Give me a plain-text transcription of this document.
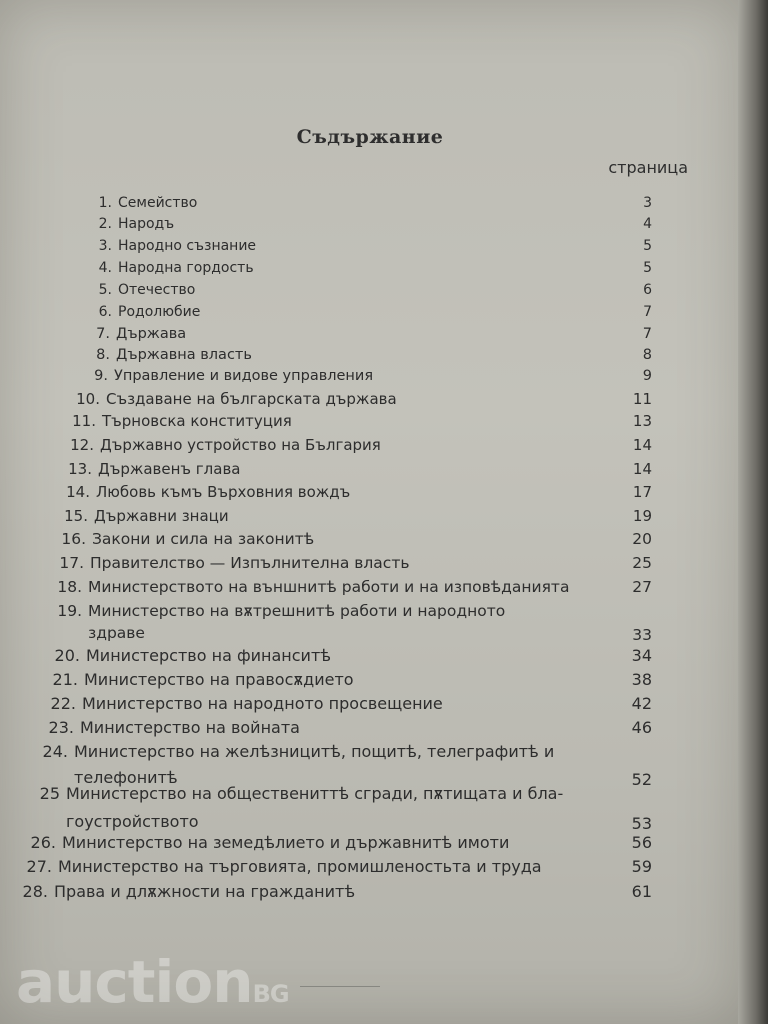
Съдържание
страница
1. Семейство	3
2. Народъ	4
3. Народно съзнание	5
4. Народна гордость	5
5. Отечество	6
6. Родолюбие	7
7. Държава	7
8. Държавна власть	8
9. Управление и видове управления	9
10. Създаване на българската държава	11
11. Търновска конституция	13
12. Държавно устройство на България	14
13. Държавенъ глава	14
14. Любовь къмъ Върховния вождъ	17
15. Държавни знаци	19
16. Закони и сила на законитѣ	20
17. Правителство — Изпълнителна власть	25
18. Министерството на външнитѣ работи и на изповѣданията	27
19. Министерство на вѫтрешнитѣ работи и народното
здраве	33
20. Министерство на финанситѣ	34
21. Министерство на правосѫдието	38
22. Министерство на народното просвещение	42
23. Министерство на войната	46
24. Министерство на желѣзницитѣ, пощитѣ, телеграфитѣ и
телефонитѣ	52
25 Министерство на обществениттѣ сгради, пѫтищата и бла-
гоустройството	53
26. Министерство на земедѣлието и държавнитѣ имоти	56
27. Министерство на търговията, промишленостьта и труда	59
28. Права и длѫжности на гражданитѣ	61
auctionBG
